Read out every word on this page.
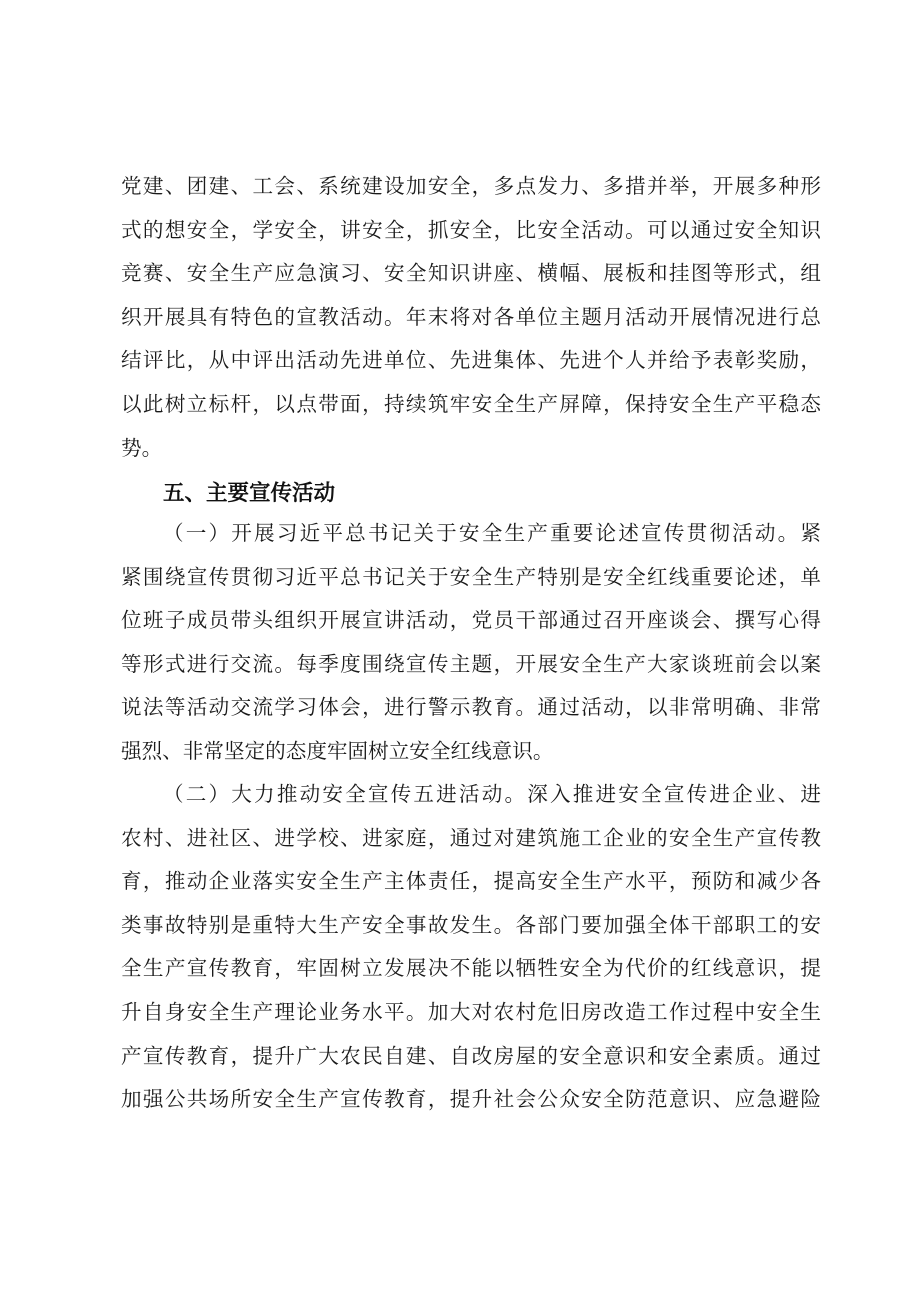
党建、团建、工会、系统建设加安全，多点发力、多措并举，开展多种形
式的想安全，学安全，讲安全，抓安全，比安全活动。可以通过安全知识
竞赛、安全生产应急演习、安全知识讲座、横幅、展板和挂图等形式，组
织开展具有特色的宣教活动。年末将对各单位主题月活动开展情况进行总
结评比，从中评出活动先进单位、先进集体、先进个人并给予表彰奖励，
以此树立标杆，以点带面，持续筑牢安全生产屏障，保持安全生产平稳态
势。
五、主要宣传活动
（一）开展习近平总书记关于安全生产重要论述宣传贯彻活动。紧
紧围绕宣传贯彻习近平总书记关于安全生产特别是安全红线重要论述，单
位班子成员带头组织开展宣讲活动，党员干部通过召开座谈会、撰写心得
等形式进行交流。每季度围绕宣传主题，开展安全生产大家谈班前会以案
说法等活动交流学习体会，进行警示教育。通过活动，以非常明确、非常
强烈、非常坚定的态度牢固树立安全红线意识。
（二）大力推动安全宣传五进活动。深入推进安全宣传进企业、进
农村、进社区、进学校、进家庭，通过对建筑施工企业的安全生产宣传教
育，推动企业落实安全生产主体责任，提高安全生产水平，预防和减少各
类事故特别是重特大生产安全事故发生。各部门要加强全体干部职工的安
全生产宣传教育，牢固树立发展决不能以牺牲安全为代价的红线意识，提
升自身安全生产理论业务水平。加大对农村危旧房改造工作过程中安全生
产宣传教育，提升广大农民自建、自改房屋的安全意识和安全素质。通过
加强公共场所安全生产宣传教育，提升社会公众安全防范意识、应急避险
